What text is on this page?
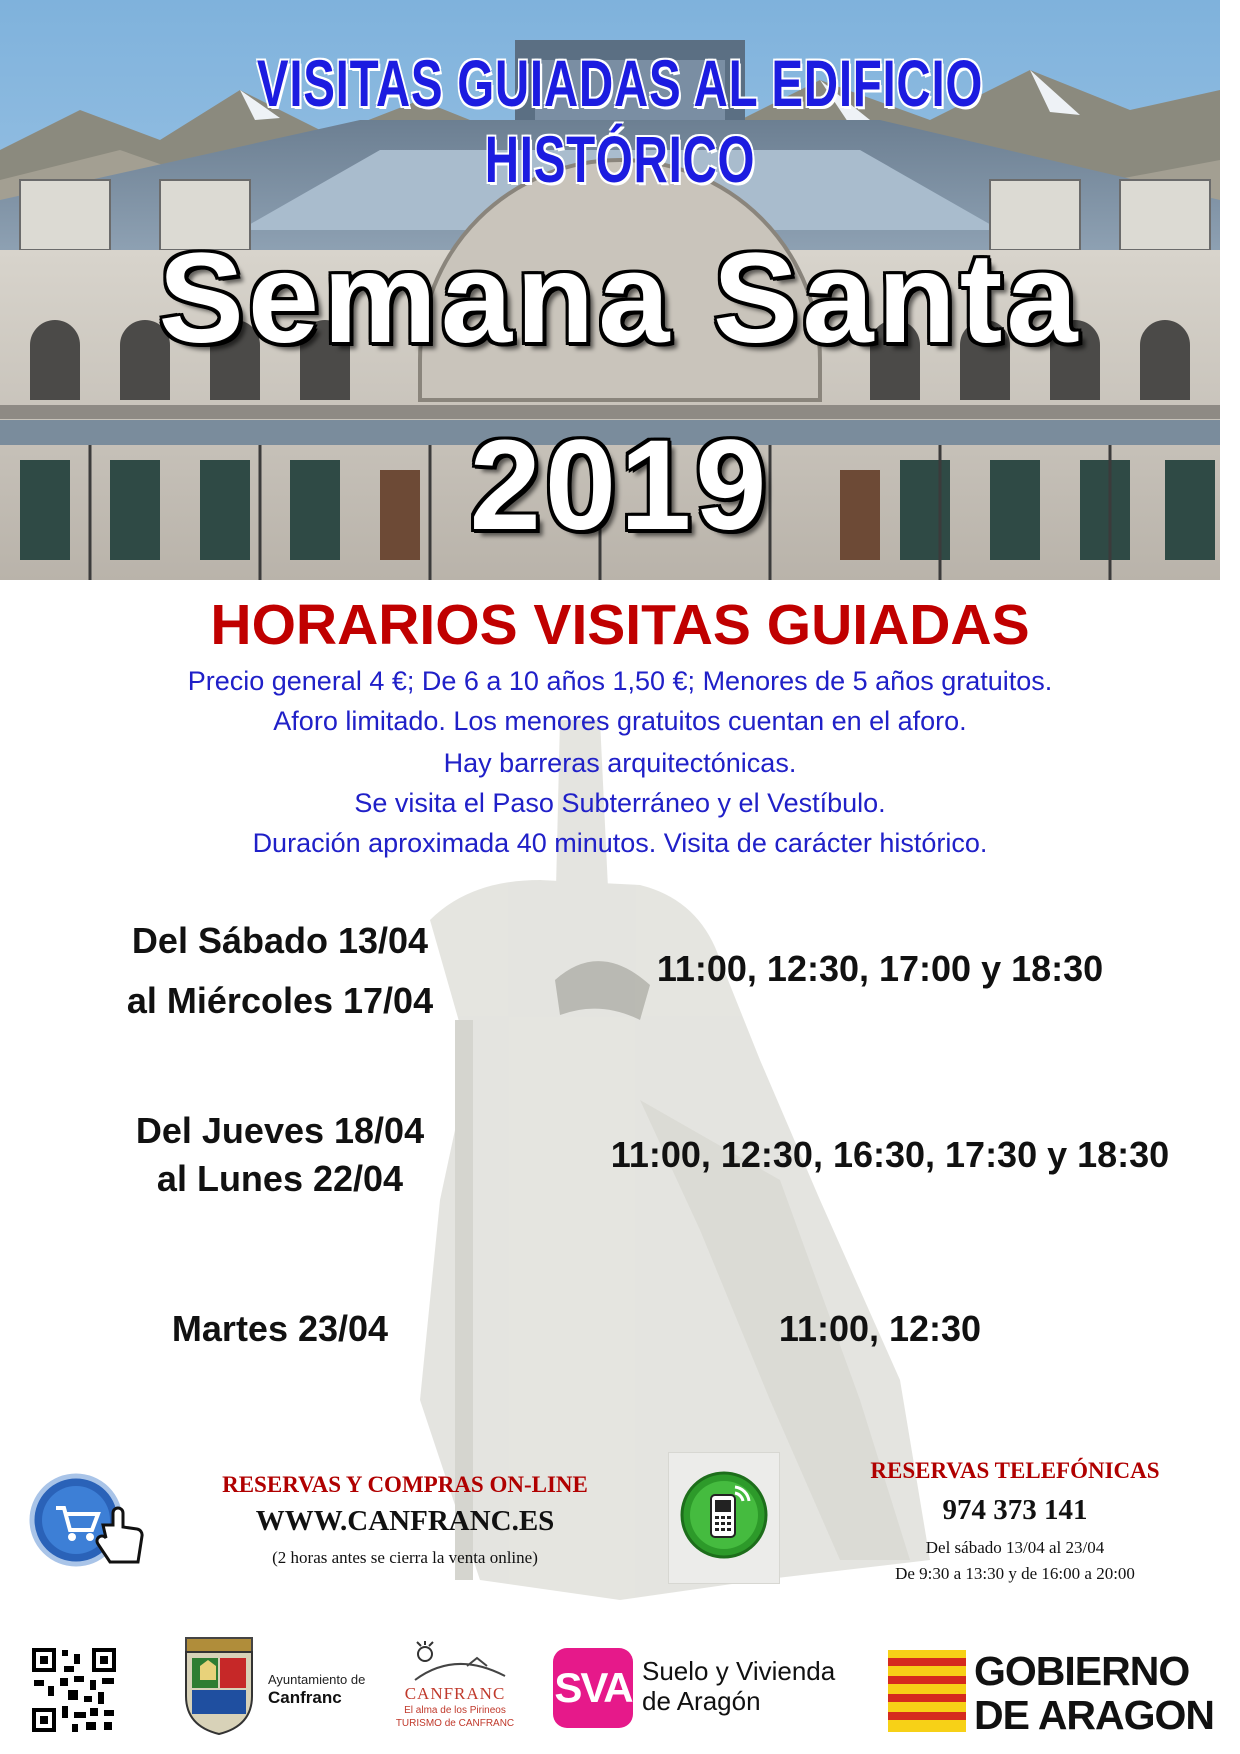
VISITAS GUIADAS AL EDIFICIO HISTÓRICO
Semana Santa
2019
HORARIOS VISITAS GUIADAS
Precio general 4 €; De 6 a 10 años 1,50 €; Menores de 5 años gratuitos.
Aforo limitado. Los menores gratuitos cuentan en el aforo.
Hay barreras arquitectónicas.
Se visita el Paso Subterráneo y el Vestíbulo.
Duración aproximada 40 minutos. Visita de carácter histórico.
Del Sábado 13/04
al Miércoles 17/04
11:00, 12:30, 17:00 y 18:30
Del Jueves 18/04
al Lunes 22/04
11:00, 12:30, 16:30, 17:30 y 18:30
Martes 23/04	11:00, 12:30
RESERVAS Y COMPRAS ON-LINE
WWW.CANFRANC.ES
(2 horas antes se cierra la venta online)
RESERVAS TELEFÓNICAS
974 373 141
Del sábado 13/04 al 23/04
De 9:30 a 13:30 y de 16:00 a 20:00
Ayuntamiento de
Canfranc	CANFRANC
El alma de los Pirineos
TURISMO de CANFRANC
SVA Suelo y Vivienda
de Aragón
GOBIERNO
DE ARAGON
